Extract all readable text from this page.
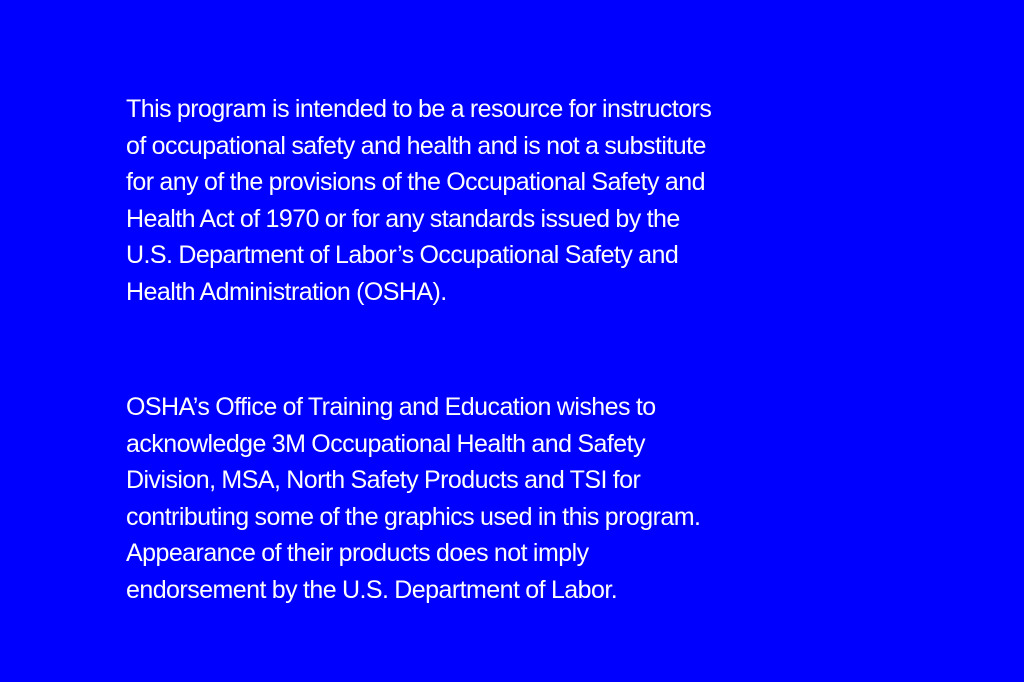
This program is intended to be a resource for instructors
of occupational safety and health and is not a substitute
for any of the provisions of the Occupational Safety and
Health Act of 1970 or for any standards issued by the
U.S. Department of Labor’s Occupational Safety and
Health Administration (OSHA).

OSHA’s Office of Training and Education wishes to
acknowledge 3M Occupational Health and Safety
Division, MSA, North Safety Products and TSI for
contributing some of the graphics used in this program.
Appearance of their products does not imply
endorsement by the U.S. Department of Labor.
